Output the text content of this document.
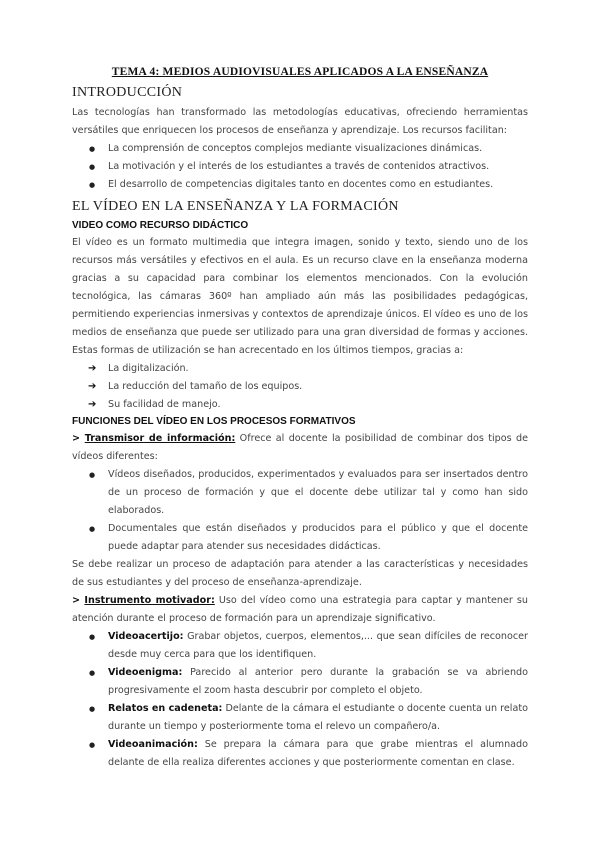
TEMA 4: MEDIOS AUDIOVISUALES APLICADOS A LA ENSEÑANZA
INTRODUCCIÓN

Las tecnologías han transformado las metodologías educativas, ofreciendo herramientas versátiles que enriquecen los procesos de enseñanza y aprendizaje. Los recursos facilitan:

● La comprensión de conceptos complejos mediante visualizaciones dinámicas.
● La motivación y el interés de los estudiantes a través de contenidos atractivos.
● El desarrollo de competencias digitales tanto en docentes como en estudiantes.
EL VÍDEO EN LA ENSEÑANZA Y LA FORMACIÓN
VIDEO COMO RECURSO DIDÁCTICO

El vídeo es un formato multimedia que integra imagen, sonido y texto, siendo uno de los recursos más versátiles y efectivos en el aula. Es un recurso clave en la enseñanza moderna gracias a su capacidad para combinar los elementos mencionados. Con la evolución tecnológica, las cámaras 360º han ampliado aún más las posibilidades pedagógicas, permitiendo experiencias inmersivas y contextos de aprendizaje únicos. El vídeo es uno de los medios de enseñanza que puede ser utilizado para una gran diversidad de formas y acciones. Estas formas de utilización se han acrecentado en los últimos tiempos, gracias a:

➔ La digitalización.
➔ La reducción del tamaño de los equipos.
➔ Su facilidad de manejo.
FUNCIONES DEL VÍDEO EN LOS PROCESOS FORMATIVOS

> Transmisor de información: Ofrece al docente la posibilidad de combinar dos tipos de vídeos diferentes:

● Vídeos diseñados, producidos, experimentados y evaluados para ser insertados dentro de un proceso de formación y que el docente debe utilizar tal y como han sido elaborados.
● Documentales que están diseñados y producidos para el público y que el docente puede adaptar para atender sus necesidades didácticas.

Se debe realizar un proceso de adaptación para atender a las características y necesidades de sus estudiantes y del proceso de enseñanza-aprendizaje.

> Instrumento motivador: Uso del vídeo como una estrategia para captar y mantener su atención durante el proceso de formación para un aprendizaje significativo.

● Videoacertijo: Grabar objetos, cuerpos, elementos,... que sean difíciles de reconocer desde muy cerca para que los identifiquen.
● Videoenigma: Parecido al anterior pero durante la grabación se va abriendo progresivamente el zoom hasta descubrir por completo el objeto.
● Relatos en cadeneta: Delante de la cámara el estudiante o docente cuenta un relato durante un tiempo y posteriormente toma el relevo un compañero/a.
● Videoanimación: Se prepara la cámara para que grabe mientras el alumnado delante de ella realiza diferentes acciones y que posteriormente comentan en clase.
